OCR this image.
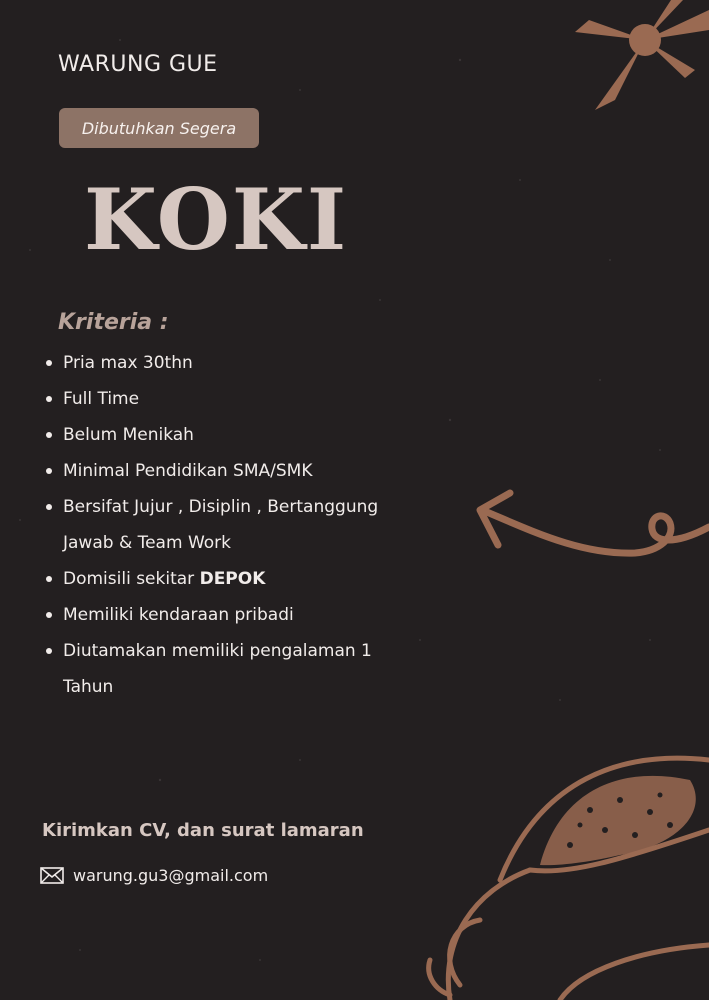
WARUNG GUE
Dibutuhkan Segera
KOKI
Kriteria :
Pria max 30thn
Full Time
Belum Menikah
Minimal Pendidikan SMA/SMK
Bersifat Jujur , Disiplin , Bertanggung Jawab & Team Work
Domisili sekitar DEPOK
Memiliki kendaraan pribadi
Diutamakan memiliki pengalaman 1 Tahun
Kirimkan CV, dan surat lamaran
warung.gu3@gmail.com
